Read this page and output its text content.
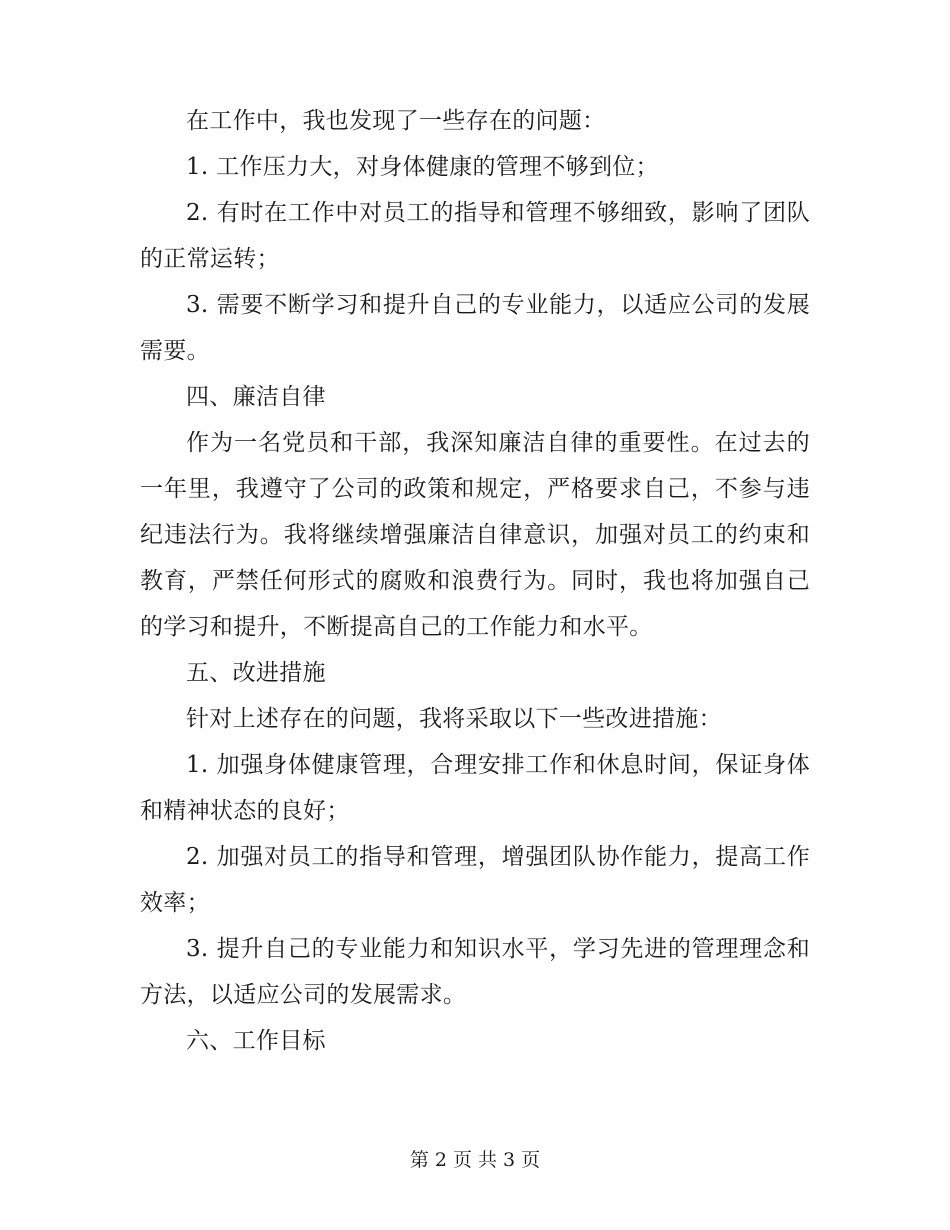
在工作中，我也发现了一些存在的问题：

1. 工作压力大，对身体健康的管理不够到位；

2. 有时在工作中对员工的指导和管理不够细致，影响了团队的正常运转；

3. 需要不断学习和提升自己的专业能力，以适应公司的发展需要。

四、廉洁自律

作为一名党员和干部，我深知廉洁自律的重要性。在过去的一年里，我遵守了公司的政策和规定，严格要求自己，不参与违纪违法行为。我将继续增强廉洁自律意识，加强对员工的约束和教育，严禁任何形式的腐败和浪费行为。同时，我也将加强自己的学习和提升，不断提高自己的工作能力和水平。

五、改进措施

针对上述存在的问题，我将采取以下一些改进措施：

1. 加强身体健康管理，合理安排工作和休息时间，保证身体和精神状态的良好；

2. 加强对员工的指导和管理，增强团队协作能力，提高工作效率；

3. 提升自己的专业能力和知识水平，学习先进的管理理念和方法，以适应公司的发展需求。

六、工作目标

第 2 页 共 3 页
